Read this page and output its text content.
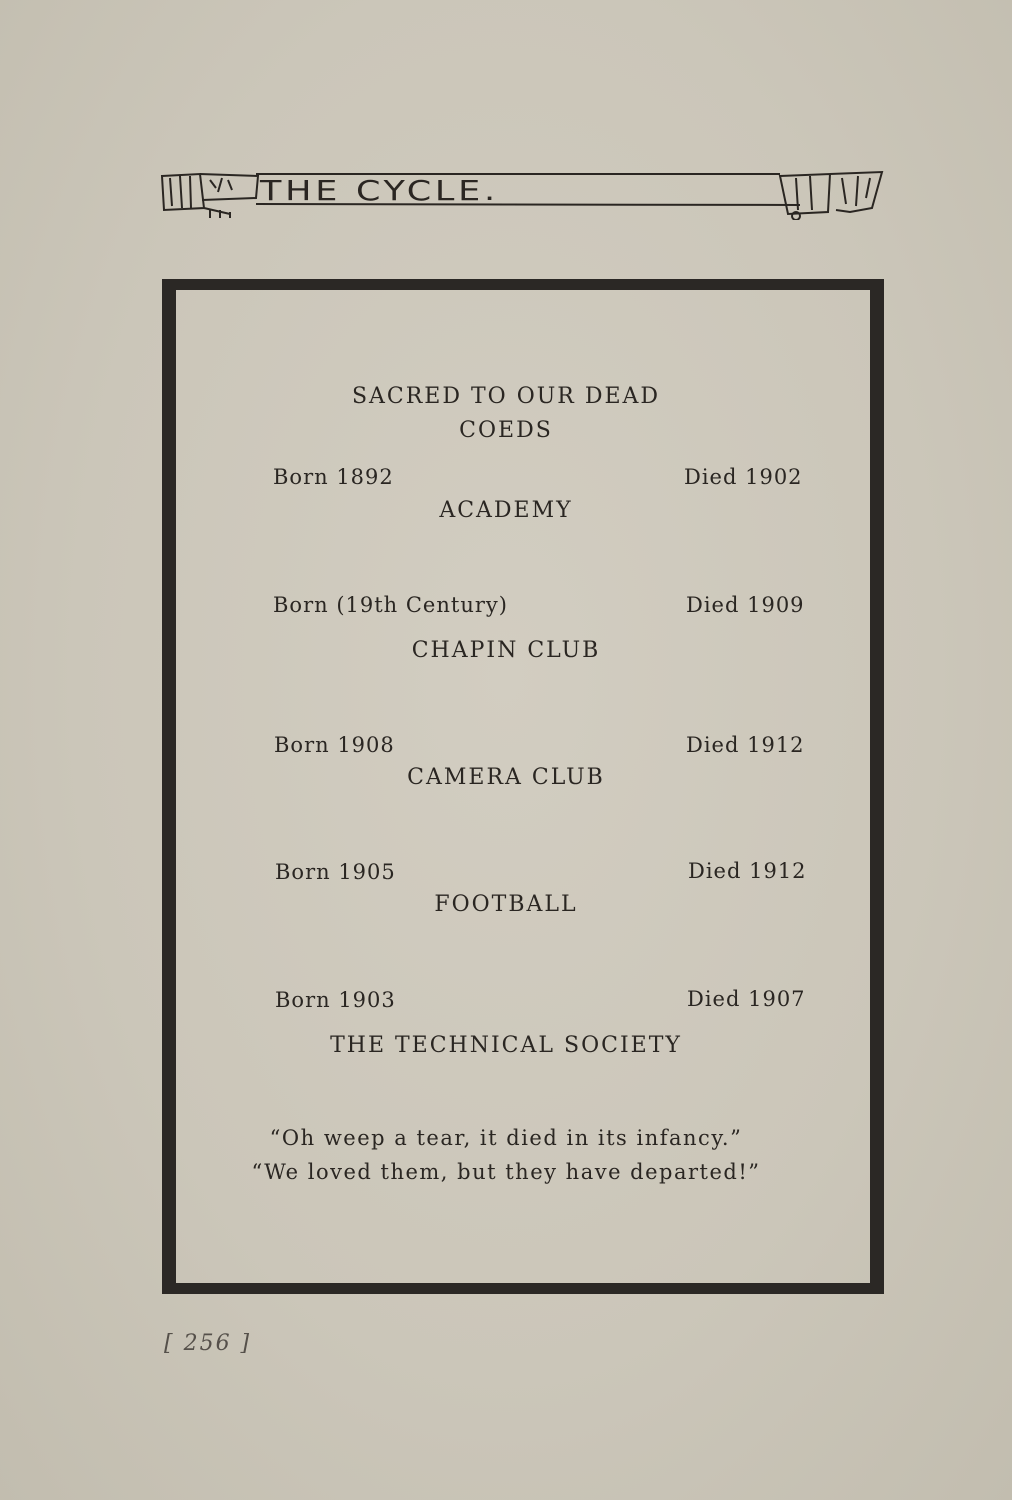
THE CYCLE.
SACRED TO OUR DEAD
COEDS
Born 1892	Died 1902
ACADEMY
Born (19th Century)	Died 1909
CHAPIN CLUB
Born 1908	Died 1912
CAMERA CLUB
Born 1905	Died 1912
FOOTBALL
Born 1903	Died 1907
THE TECHNICAL SOCIETY
“Oh weep a tear, it died in its infancy.”
“We loved them, but they have departed!”
[ 256 ]
